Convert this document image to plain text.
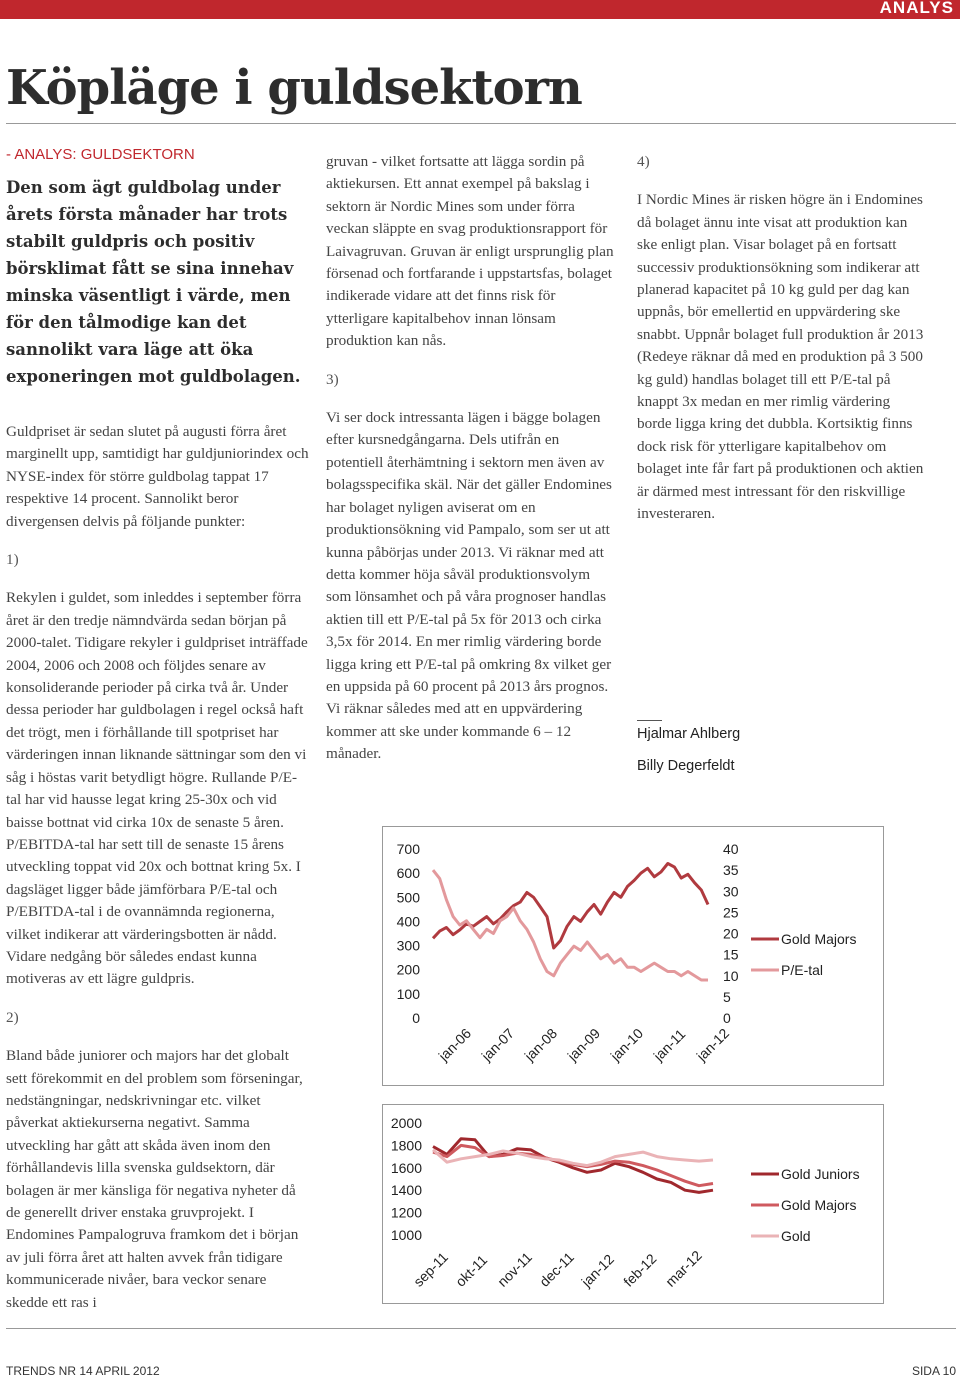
ANALYS
Köpläge i guldsektorn
- ANALYS: GULDSEKTORN
Den som ägt guldbolag under årets första månader har trots stabilt guldpris och positiv börsklimat fått se sina innehav minska väsentligt i värde, men för den tålmodige kan det sannolikt vara läge att öka exponeringen mot guldbolagen.

Guldpriset är sedan slutet på augusti förra året marginellt upp, samtidigt har guldjuniorindex och NYSE-index för större guldbolag tappat 17 respektive 14 procent. Sannolikt beror divergensen delvis på följande punkter:

1)

Rekylen i guldet, som inleddes i september förra året är den tredje nämndvärda sedan början på 2000-talet. Tidigare rekyler i guldpriset inträffade 2004, 2006 och 2008 och följdes senare av konsoliderande perioder på cirka två år. Under dessa perioder har guldbolagen i regel också haft det trögt, men i förhållande till spotpriset har värderingen innan liknande sättningar som den vi såg i höstas varit betydligt högre. Rullande P/E-tal har vid hausse legat kring 25-30x och vid baisse bottnat vid cirka 10x de senaste 5 åren. P/EBITDA-tal har sett till de senaste 15 årens utveckling toppat vid 20x och bottnat kring 5x. I dagsläget ligger både jämförbara P/E-tal och P/EBITDA-tal i de ovannämnda regionerna, vilket indikerar att värderingsbotten är nådd. Vidare nedgång bör således endast kunna motiveras av ett lägre guldpris.

2)

Bland både juniorer och majors har det globalt sett förekommit en del problem som förseningar, nedstängningar, nedskrivningar etc. vilket påverkat aktiekurserna negativt. Samma utveckling har gått att skåda även inom den förhållandevis lilla svenska guldsektorn, där bolagen är mer känsliga för negativa nyheter då de generellt driver enstaka gruvprojekt. I Endomines Pampalogruva framkom det i början av juli förra året att halten avvek från tidigare kommunicerade nivåer, bara veckor senare skedde ett ras i

gruvan - vilket fortsatte att lägga sordin på aktiekursen. Ett annat exempel på bakslag i sektorn är Nordic Mines som under förra veckan släppte en svag produktionsrapport för Laivagruvan. Gruvan är enligt ursprunglig plan försenad och fortfarande i uppstartsfas, bolaget indikerade vidare att det finns risk för ytterligare kapitalbehov innan lönsam produktion kan nås.

3)

Vi ser dock intressanta lägen i bägge bolagen efter kursnedgångarna. Dels utifrån en potentiell återhämtning i sektorn men även av bolagsspecifika skäl. När det gäller Endomines har bolaget nyligen aviserat om en produktionsökning vid Pampalo, som ser ut att kunna påbörjas under 2013. Vi räknar med att detta kommer höja såväl produktionsvolym som lönsamhet och på våra prognoser handlas aktien till ett P/E-tal på 5x för 2013 och cirka 3,5x för 2014. En mer rimlig värdering borde ligga kring ett P/E-tal på omkring 8x vilket ger en uppsida på 60 procent på 2013 års prognos. Vi räknar således med att en uppvärdering kommer att ske under kommande 6 – 12 månader.

4)

I Nordic Mines är risken högre än i Endomines då bolaget ännu inte visat att produktion kan ske enligt plan. Visar bolaget på en fortsatt successiv produktionsökning som indikerar att planerad kapacitet på 10 kg guld per dag kan uppnås, bör emellertid en uppvärdering ske snabbt. Uppnår bolaget full produktion år 2013 (Redeye räknar då med en produktion på 3 500 kg guld) handlas bolaget till ett P/E-tal på knappt 3x medan en mer rimlig värdering borde ligga kring det dubbla. Kortsiktig finns dock risk för ytterligare kapitalbehov om bolaget inte får fart på produktionen och aktien är därmed mest intressant för den riskvillige investeraren.

Hjalmar Ahlberg
Billy Degerfeldt
0
100
200
300
400
500
600
700
0
5
10
15
20
25
30
35
40
jan-06 jan-07 jan-08 jan-09 jan-10 jan-11 jan-12
Gold Majors
P/E-tal
1000
1200
1400
1600
1800
2000
sep-11 okt-11 nov-11 dec-11 jan-12 feb-12 mar-12
Gold Juniors
Gold Majors
Gold
TRENDS NR 14 APRIL 2012	SIDA 10
